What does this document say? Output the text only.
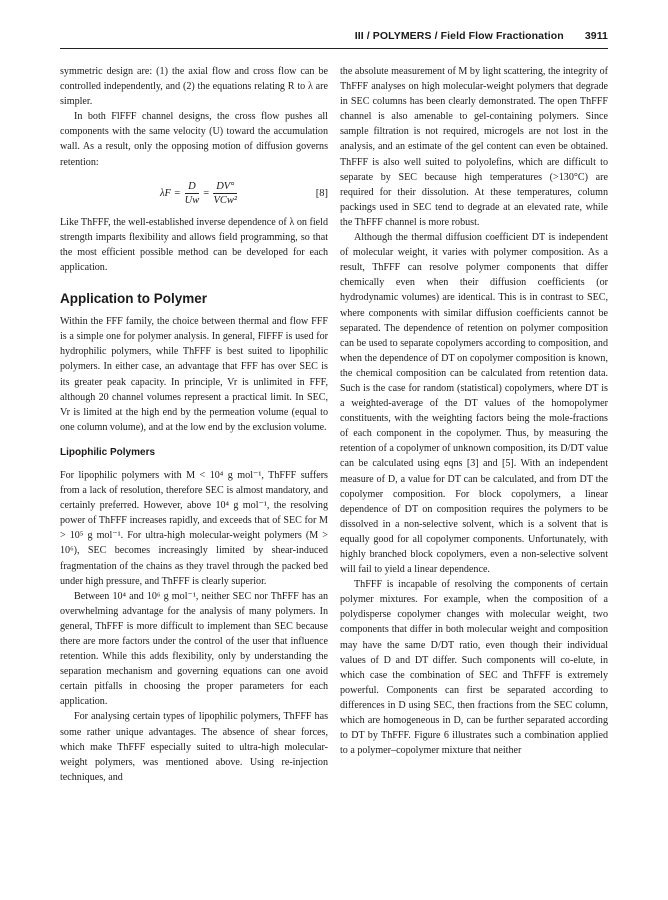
III / POLYMERS / Field Flow Fractionation 3911

symmetric design are: (1) the axial flow and cross flow can be controlled independently, and (2) the equations relating R to λ are simpler.

In both FlFFF channel designs, the cross flow pushes all components with the same velocity (U) toward the accumulation wall. As a result, only the opposing motion of diffusion governs retention:

$\lambda F = \frac{D}{Uw} = \frac{DV^\circ}{\text{VCw²}}$	[8]

Like ThFFF, the well-established inverse dependence of λ on field strength imparts flexibility and allows field programming, so that the most efficient possible method can be developed for each application.

Application to Polymer

Within the FFF family, the choice between thermal and flow FFF is a simple one for polymer analysis. In general, FlFFF is used for hydrophilic polymers, while ThFFF is best suited to lipophilic polymers. In either case, an advantage that FFF has over SEC is its greater peak capacity. In principle, Vr is unlimited in FFF, although 20 channel volumes represent a practical limit. In SEC, Vr is limited at the high end by the permeation volume (equal to one column volume), and at the low end by the exclusion volume.

Lipophilic Polymers

For lipophilic polymers with M < 10⁴ g mol⁻¹, ThFFF suffers from a lack of resolution, therefore SEC is almost mandatory, and certainly preferred. However, above 10⁴ g mol⁻¹, the resolving power of ThFFF increases rapidly, and exceeds that of SEC for M > 10⁵ g mol⁻¹. For ultra-high molecular-weight polymers (M > 10⁶), SEC becomes increasingly limited by shear-induced fragmentation of the chains as they travel through the packed bed under high pressure, and ThFFF is clearly superior.

Between 10⁴ and 10⁶ g mol⁻¹, neither SEC nor ThFFF has an overwhelming advantage for the analysis of many polymers. In general, ThFFF is more difficult to implement than SEC because there are more factors under the control of the user that influence retention. While this adds flexibility, only by understanding the separation mechanism and governing equations can one avoid certain pitfalls in choosing the proper parameters for each application.

For analysing certain types of lipophilic polymers, ThFFF has some rather unique advantages. The absence of shear forces, which make ThFFF especially suited to ultra-high molecular-weight polymers, was mentioned above. Using re-injection techniques, and

the absolute measurement of M by light scattering, the integrity of ThFFF analyses on high molecular-weight polymers that degrade in SEC columns has been clearly demonstrated. The open ThFFF channel is also amenable to gel-containing polymers. Since sample filtration is not required, microgels are not lost in the analysis, and an estimate of the gel content can even be obtained. ThFFF is also well suited to polyolefins, which are difficult to separate by SEC because high temperatures (>130°C) are required for their dissolution. At these temperatures, column packings used in SEC tend to degrade at an elevated rate, while the ThFFF channel is more robust.

Although the thermal diffusion coefficient DT is independent of molecular weight, it varies with polymer composition. As a result, ThFFF can resolve polymer components that differ chemically even when their diffusion coefficients (or hydrodynamic volumes) are identical. This is in contrast to SEC, where components with similar diffusion coefficients cannot be separated. The dependence of retention on polymer composition can be used to separate copolymers according to composition, and when the dependence of DT on copolymer composition is known, the chemical composition can be calculated from retention data. Such is the case for random (statistical) copolymers, where DT is a weighted-average of the DT values of the homopolymer constituents, with the weighting factors being the mole-fractions of each component in the copolymer. Thus, by measuring the retention of a copolymer of unknown composition, its D/DT value can be calculated using eqns [3] and [5]. With an independent measure of D, a value for DT can be calculated, and from DT the copolymer composition. For block copolymers, a linear dependence of DT on composition requires the polymers to be dissolved in a non-selective solvent, which is a solvent that is equally good for all copolymer components. Unfortunately, with highly branched block copolymers, even a non-selective solvent will fail to yield a linear dependence.

ThFFF is incapable of resolving the components of certain polymer mixtures. For example, when the composition of a polydisperse copolymer changes with molecular weight, two components that differ in both molecular weight and composition may have the same D/DT ratio, even though their individual values of D and DT differ. Such components will co-elute, in which case the combination of SEC and ThFFF is extremely powerful. Components can first be separated according to differences in D using SEC, then fractions from the SEC column, which are homogeneous in D, can be further separated according to DT by ThFFF. Figure 6 illustrates such a combination applied to a polymer–copolymer mixture that neither
